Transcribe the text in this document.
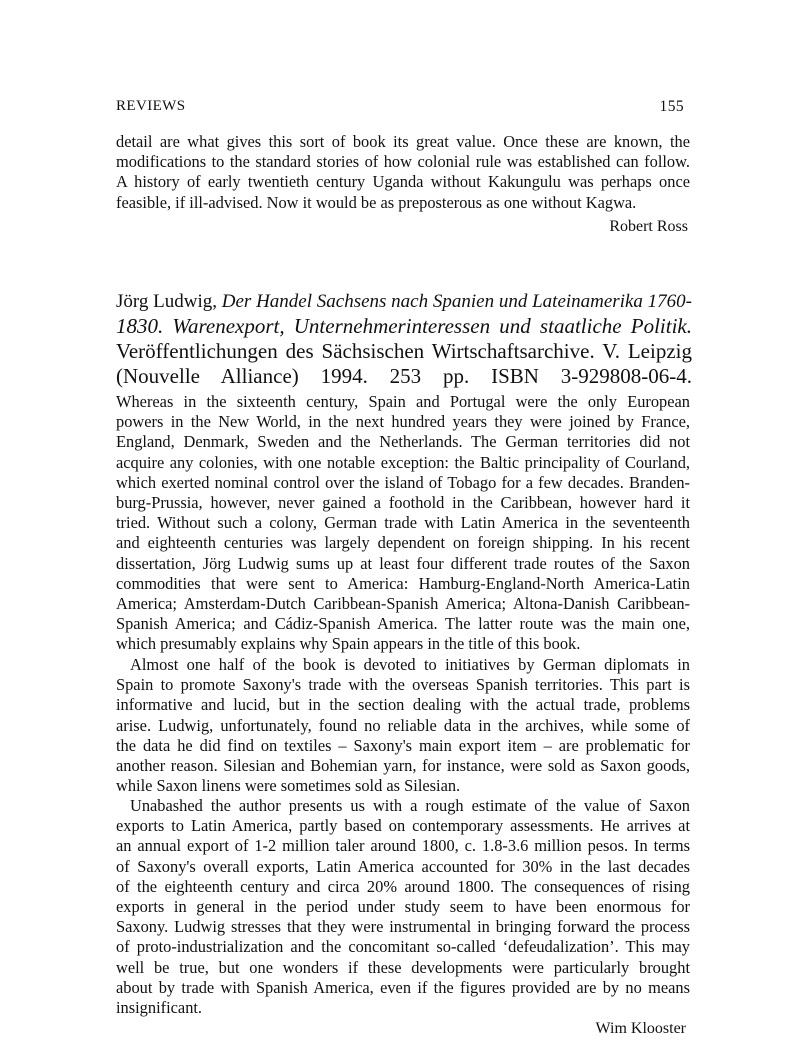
REVIEWS	155
detail are what gives this sort of book its great value. Once these are known, the
modifications to the standard stories of how colonial rule was established can follow.
A history of early twentieth century Uganda without Kakungulu was perhaps once
feasible, if ill-advised. Now it would be as preposterous as one without Kagwa.
Robert Ross
Jörg Ludwig, Der Handel Sachsens nach Spanien und Lateinamerika 1760-
1830. Warenexport, Unternehmerinteressen und staatliche Politik.
Veröffentlichungen des Sächsischen Wirtschaftsarchive. V. Leipzig
(Nouvelle Alliance) 1994. 253 pp. ISBN 3-929808-06-4.
Whereas in the sixteenth century, Spain and Portugal were the only European
powers in the New World, in the next hundred years they were joined by France,
England, Denmark, Sweden and the Netherlands. The German territories did not
acquire any colonies, with one notable exception: the Baltic principality of Courland,
which exerted nominal control over the island of Tobago for a few decades. Branden-
burg-Prussia, however, never gained a foothold in the Caribbean, however hard it
tried. Without such a colony, German trade with Latin America in the seventeenth
and eighteenth centuries was largely dependent on foreign shipping. In his recent
dissertation, Jörg Ludwig sums up at least four different trade routes of the Saxon
commodities that were sent to America: Hamburg-England-North America-Latin
America; Amsterdam-Dutch Caribbean-Spanish America; Altona-Danish Caribbean-
Spanish America; and Cádiz-Spanish America. The latter route was the main one,
which presumably explains why Spain appears in the title of this book.
Almost one half of the book is devoted to initiatives by German diplomats in
Spain to promote Saxony's trade with the overseas Spanish territories. This part is
informative and lucid, but in the section dealing with the actual trade, problems
arise. Ludwig, unfortunately, found no reliable data in the archives, while some of
the data he did find on textiles – Saxony's main export item – are problematic for
another reason. Silesian and Bohemian yarn, for instance, were sold as Saxon goods,
while Saxon linens were sometimes sold as Silesian.
Unabashed the author presents us with a rough estimate of the value of Saxon
exports to Latin America, partly based on contemporary assessments. He arrives at
an annual export of 1-2 million taler around 1800, c. 1.8-3.6 million pesos. In terms
of Saxony's overall exports, Latin America accounted for 30% in the last decades
of the eighteenth century and circa 20% around 1800. The consequences of rising
exports in general in the period under study seem to have been enormous for
Saxony. Ludwig stresses that they were instrumental in bringing forward the process
of proto-industrialization and the concomitant so-called ‘defeudalization’. This may
well be true, but one wonders if these developments were particularly brought
about by trade with Spanish America, even if the figures provided are by no means
insignificant.
Wim Klooster
